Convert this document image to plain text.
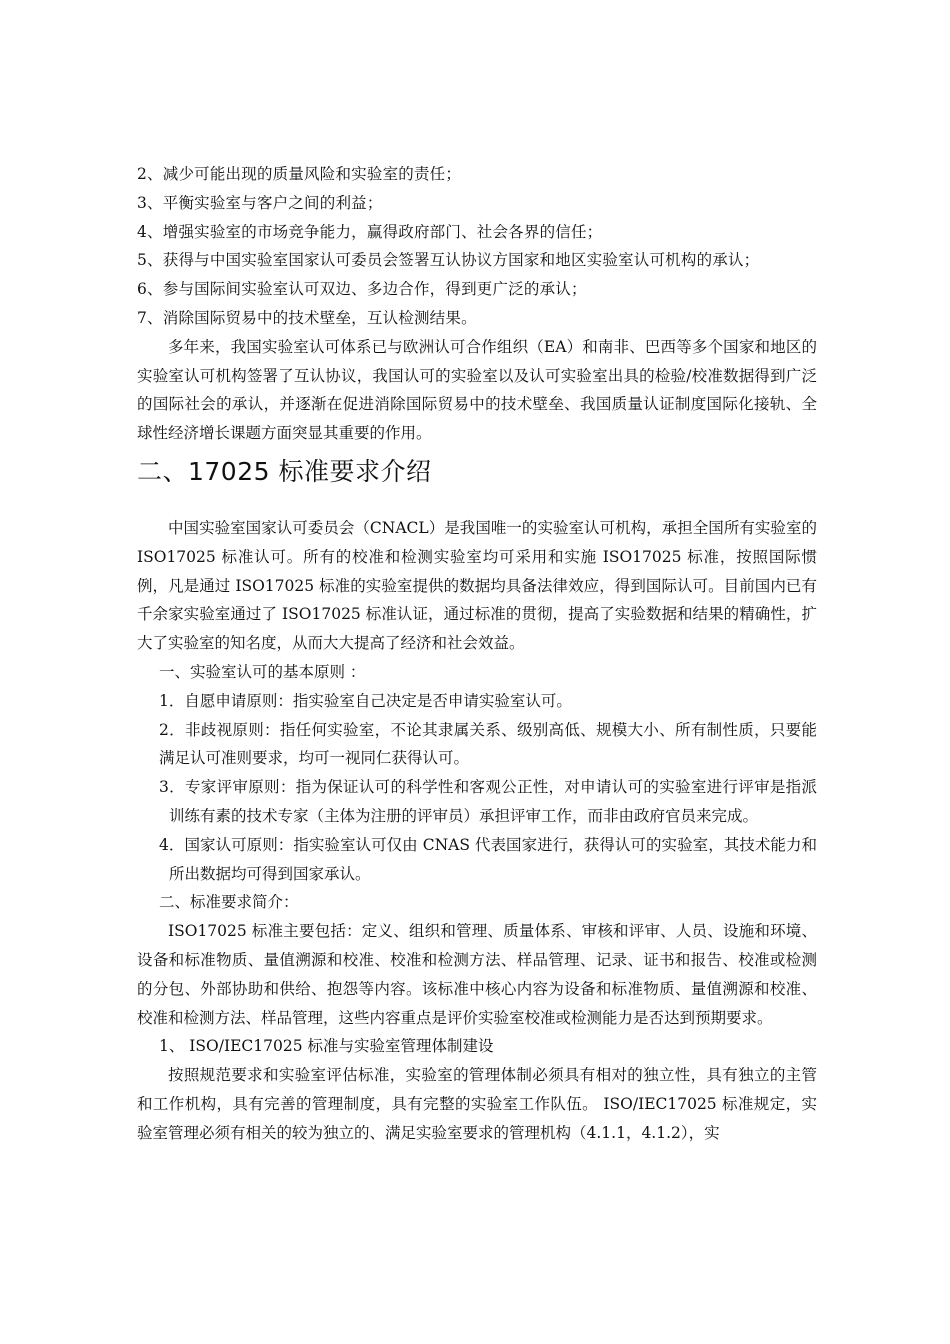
2、减少可能出现的质量风险和实验室的责任；
3、平衡实验室与客户之间的利益；
4、增强实验室的市场竞争能力，赢得政府部门、社会各界的信任；
5、获得与中国实验室国家认可委员会签署互认协议方国家和地区实验室认可机构的承认；
6、参与国际间实验室认可双边、多边合作，得到更广泛的承认；
7、消除国际贸易中的技术壁垒，互认检测结果。

多年来，我国实验室认可体系已与欧洲认可合作组织（EA）和南非、巴西等多个国家和地区的实验室认可机构签署了互认协议，我国认可的实验室以及认可实验室出具的检验/校准数据得到广泛的国际社会的承认，并逐渐在促进消除国际贸易中的技术壁垒、我国质量认证制度国际化接轨、全球性经济增长课题方面突显其重要的作用。

二、17025 标准要求介绍

中国实验室国家认可委员会（CNACL）是我国唯一的实验室认可机构，承担全国所有实验室的 ISO17025 标准认可。所有的校准和检测实验室均可采用和实施 ISO17025 标准，按照国际惯例，凡是通过 ISO17025 标准的实验室提供的数据均具备法律效应，得到国际认可。目前国内已有千余家实验室通过了 ISO17025 标准认证，通过标准的贯彻，提高了实验数据和结果的精确性，扩大了实验室的知名度，从而大大提高了经济和社会效益。

一、实验室认可的基本原则 ：

1．自愿申请原则：指实验室自己决定是否申请实验室认可。

2．非歧视原则：指任何实验室，不论其隶属关系、级别高低、规模大小、所有制性质，只要能满足认可准则要求，均可一视同仁获得认可。

3．专家评审原则：指为保证认可的科学性和客观公正性，对申请认可的实验室进行评审是指派训练有素的技术专家（主体为注册的评审员）承担评审工作，而非由政府官员来完成。

4．国家认可原则：指实验室认可仅由 CNAS 代表国家进行，获得认可的实验室，其技术能力和所出数据均可得到国家承认。

二、标准要求简介：

ISO17025 标准主要包括：定义、组织和管理、质量体系、审核和评审、人员、设施和环境、设备和标准物质、量值溯源和校准、校准和检测方法、样品管理、记录、证书和报告、校准或检测的分包、外部协助和供给、抱怨等内容。该标准中核心内容为设备和标准物质、量值溯源和校准、校准和检测方法、样品管理，这些内容重点是评价实验室校准或检测能力是否达到预期要求。

1、 ISO/IEC17025 标准与实验室管理体制建设

按照规范要求和实验室评估标准，实验室的管理体制必须具有相对的独立性，具有独立的主管和工作机构，具有完善的管理制度，具有完整的实验室工作队伍。 ISO/IEC17025 标准规定，实验室管理必须有相关的较为独立的、满足实验室要求的管理机构（4.1.1，4.1.2），实
